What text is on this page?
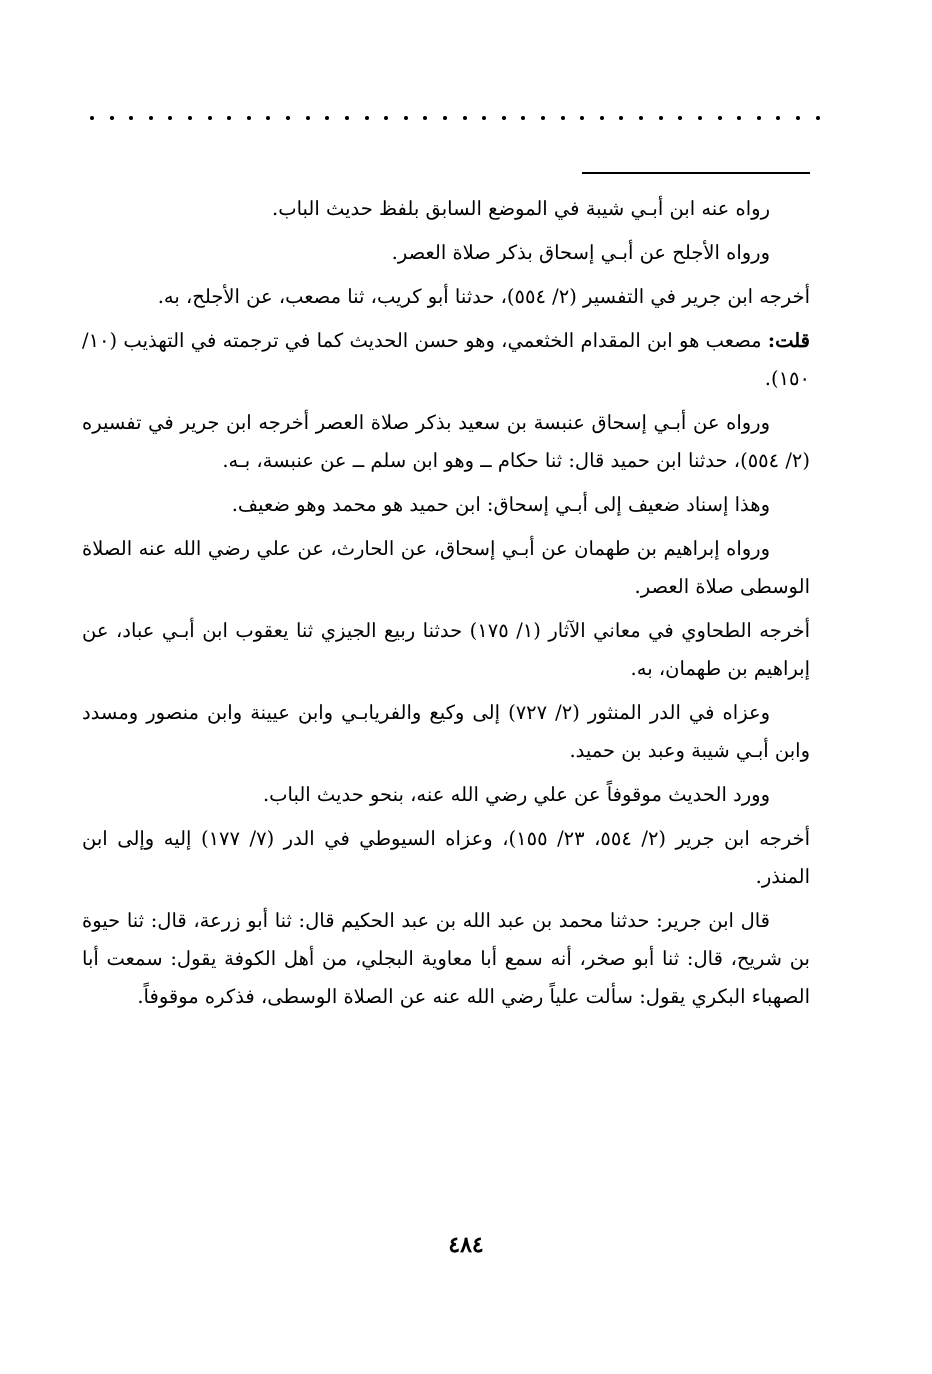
رواه عنه ابن أبـي شيبة في الموضع السابق بلفظ حديث الباب.

ورواه الأجلح عن أبـي إسحاق بذكر صلاة العصر.

أخرجه ابن جرير في التفسير (٢/ ٥٥٤)، حدثنا أبو كريب، ثنا مصعب، عن الأجلح، به.

قلت: مصعب هو ابن المقدام الخثعمي، وهو حسن الحديث كما في ترجمته في التهذيب (١٠/ ١٥٠).

ورواه عن أبـي إسحاق عنبسة بن سعيد بذكر صلاة العصر أخرجه ابن جرير في تفسيره (٢/ ٥٥٤)، حدثنا ابن حميد قال: ثنا حكام ــ وهو ابن سلم ــ عن عنبسة، بـه.

وهذا إسناد ضعيف إلى أبـي إسحاق: ابن حميد هو محمد وهو ضعيف.

ورواه إبراهيم بن طهمان عن أبـي إسحاق، عن الحارث، عن علي رضي الله عنه الصلاة الوسطى صلاة العصر.

أخرجه الطحاوي في معاني الآثار (١/ ١٧٥) حدثنا ربيع الجيزي ثنا يعقوب ابن أبـي عباد، عن إبراهيم بن طهمان، به.

وعزاه في الدر المنثور (٢/ ٧٢٧) إلى وكيع والفريابـي وابن عيينة وابن منصور ومسدد وابن أبـي شيبة وعبد بن حميد.

وورد الحديث موقوفاً عن علي رضي الله عنه، بنحو حديث الباب.

أخرجه ابن جرير (٢/ ٥٥٤، ٢٣/ ١٥٥)، وعزاه السيوطي في الدر (٧/ ١٧٧) إليه وإلى ابن المنذر.

قال ابن جرير: حدثنا محمد بن عبد الله بن عبد الحكيم قال: ثنا أبو زرعة، قال: ثنا حيوة بن شريح، قال: ثنا أبو صخر، أنه سمع أبا معاوية البجلي، من أهل الكوفة يقول: سمعت أبا الصهباء البكري يقول: سألت علياً رضي الله عنه عن الصلاة الوسطى، فذكره موقوفاً.

٤٨٤
